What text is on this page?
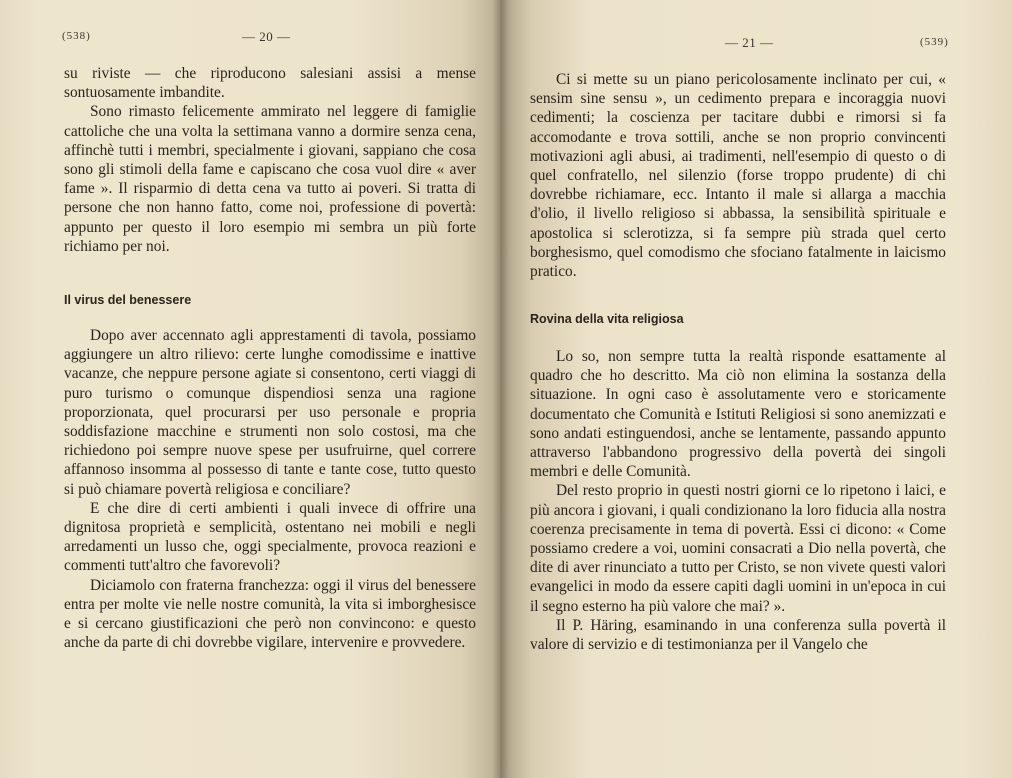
(538)	— 20 —

su riviste — che riproducono salesiani assisi a mense sontuosamente imbandite.

Sono rimasto felicemente ammirato nel leggere di famiglie cattoliche che una volta la settimana vanno a dormire senza cena, affinchè tutti i membri, specialmente i giovani, sappiano che cosa sono gli stimoli della fame e capiscano che cosa vuol dire « aver fame ». Il risparmio di detta cena va tutto ai poveri. Si tratta di persone che non hanno fatto, come noi, professione di povertà: appunto per questo il loro esempio mi sembra un più forte richiamo per noi.

Il virus del benessere

Dopo aver accennato agli apprestamenti di tavola, possiamo aggiungere un altro rilievo: certe lunghe comodissime e inattive vacanze, che neppure persone agiate si consentono, certi viaggi di puro turismo o comunque dispendiosi senza una ragione proporzionata, quel procurarsi per uso personale e propria soddisfazione macchine e strumenti non solo costosi, ma che richiedono poi sempre nuove spese per usufruirne, quel correre affannoso insomma al possesso di tante e tante cose, tutto questo si può chiamare povertà religiosa e conciliare?

E che dire di certi ambienti i quali invece di offrire una dignitosa proprietà e semplicità, ostentano nei mobili e negli arredamenti un lusso che, oggi specialmente, provoca reazioni e commenti tutt'altro che favorevoli?

Diciamolo con fraterna franchezza: oggi il virus del benessere entra per molte vie nelle nostre comunità, la vita si imborghesisce e si cercano giustificazioni che però non convincono: e questo anche da parte di chi dovrebbe vigilare, intervenire e provvedere.

— 21 —	(539)

Ci si mette su un piano pericolosamente inclinato per cui, « sensim sine sensu », un cedimento prepara e incoraggia nuovi cedimenti; la coscienza per tacitare dubbi e rimorsi si fa accomodante e trova sottili, anche se non proprio convincenti motivazioni agli abusi, ai tradimenti, nell'esempio di questo o di quel confratello, nel silenzio (forse troppo prudente) di chi dovrebbe richiamare, ecc. Intanto il male si allarga a macchia d'olio, il livello religioso si abbassa, la sensibilità spirituale e apostolica si sclerotizza, si fa sempre più strada quel certo borghesismo, quel comodismo che sfociano fatalmente in laicismo pratico.

Rovina della vita religiosa

Lo so, non sempre tutta la realtà risponde esattamente al quadro che ho descritto. Ma ciò non elimina la sostanza della situazione. In ogni caso è assolutamente vero e storicamente documentato che Comunità e Istituti Religiosi si sono anemizzati e sono andati estinguendosi, anche se lentamente, passando appunto attraverso l'abbandono progressivo della povertà dei singoli membri e delle Comunità.

Del resto proprio in questi nostri giorni ce lo ripetono i laici, e più ancora i giovani, i quali condizionano la loro fiducia alla nostra coerenza precisamente in tema di povertà. Essi ci dicono: « Come possiamo credere a voi, uomini consacrati a Dio nella povertà, che dite di aver rinunciato a tutto per Cristo, se non vivete questi valori evangelici in modo da essere capiti dagli uomini in un'epoca in cui il segno esterno ha più valore che mai? ».

Il P. Häring, esaminando in una conferenza sulla povertà il valore di servizio e di testimonianza per il Vangelo che
